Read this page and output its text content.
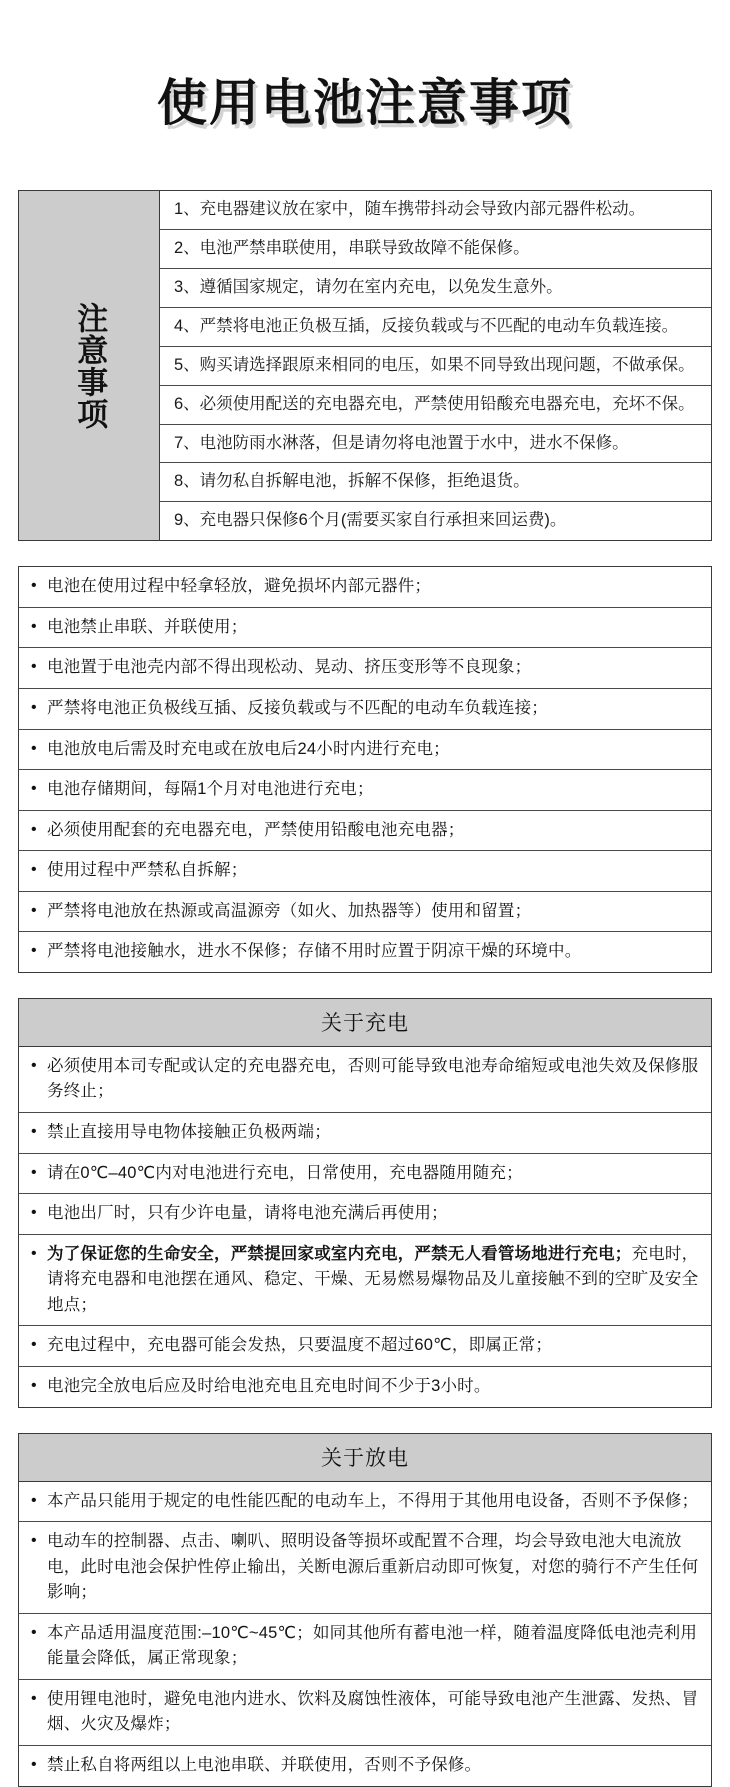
使用电池注意事项
注意事项
1、充电器建议放在家中，随车携带抖动会导致内部元器件松动。
2、电池严禁串联使用，串联导致故障不能保修。
3、遵循国家规定，请勿在室内充电，以免发生意外。
4、严禁将电池正负极互插，反接负载或与不匹配的电动车负载连接。
5、购买请选择跟原来相同的电压，如果不同导致出现问题，不做承保。
6、必须使用配送的充电器充电，严禁使用铅酸充电器充电，充坏不保。
7、电池防雨水淋落，但是请勿将电池置于水中，进水不保修。
8、请勿私自拆解电池，拆解不保修，拒绝退货。
9、充电器只保修6个月(需要买家自行承担来回运费)。
• 电池在使用过程中轻拿轻放，避免损坏内部元器件；
• 电池禁止串联、并联使用；
• 电池置于电池壳内部不得出现松动、晃动、挤压变形等不良现象；
• 严禁将电池正负极线互插、反接负载或与不匹配的电动车负载连接；
• 电池放电后需及时充电或在放电后24小时内进行充电；
• 电池存储期间，每隔1个月对电池进行充电；
• 必须使用配套的充电器充电，严禁使用铅酸电池充电器；
• 使用过程中严禁私自拆解；
• 严禁将电池放在热源或高温源旁（如火、加热器等）使用和留置；
• 严禁将电池接触水，进水不保修；存储不用时应置于阴凉干燥的环境中。
关于充电
• 必须使用本司专配或认定的充电器充电，否则可能导致电池寿命缩短或电池失效及保修服务终止；
• 禁止直接用导电物体接触正负极两端；
• 请在0℃–40℃内对电池进行充电，日常使用，充电器随用随充；
• 电池出厂时，只有少许电量，请将电池充满后再使用；
• 为了保证您的生命安全，严禁提回家或室内充电，严禁无人看管场地进行充电；充电时，请将充电器和电池摆在通风、稳定、干燥、无易燃易爆物品及儿童接触不到的空旷及安全地点；
• 充电过程中，充电器可能会发热，只要温度不超过60℃，即属正常；
• 电池完全放电后应及时给电池充电且充电时间不少于3小时。
关于放电
• 本产品只能用于规定的电性能匹配的电动车上，不得用于其他用电设备，否则不予保修；
• 电动车的控制器、点击、喇叭、照明设备等损坏或配置不合理，均会导致电池大电流放电，此时电池会保护性停止输出，关断电源后重新启动即可恢复，对您的骑行不产生任何影响；
• 本产品适用温度范围:–10℃~45℃；如同其他所有蓄电池一样，随着温度降低电池壳利用能量会降低，属正常现象；
• 使用锂电池时，避免电池内进水、饮料及腐蚀性液体，可能导致电池产生泄露、发热、冒烟、火灾及爆炸；
• 禁止私自将两组以上电池串联、并联使用，否则不予保修。
